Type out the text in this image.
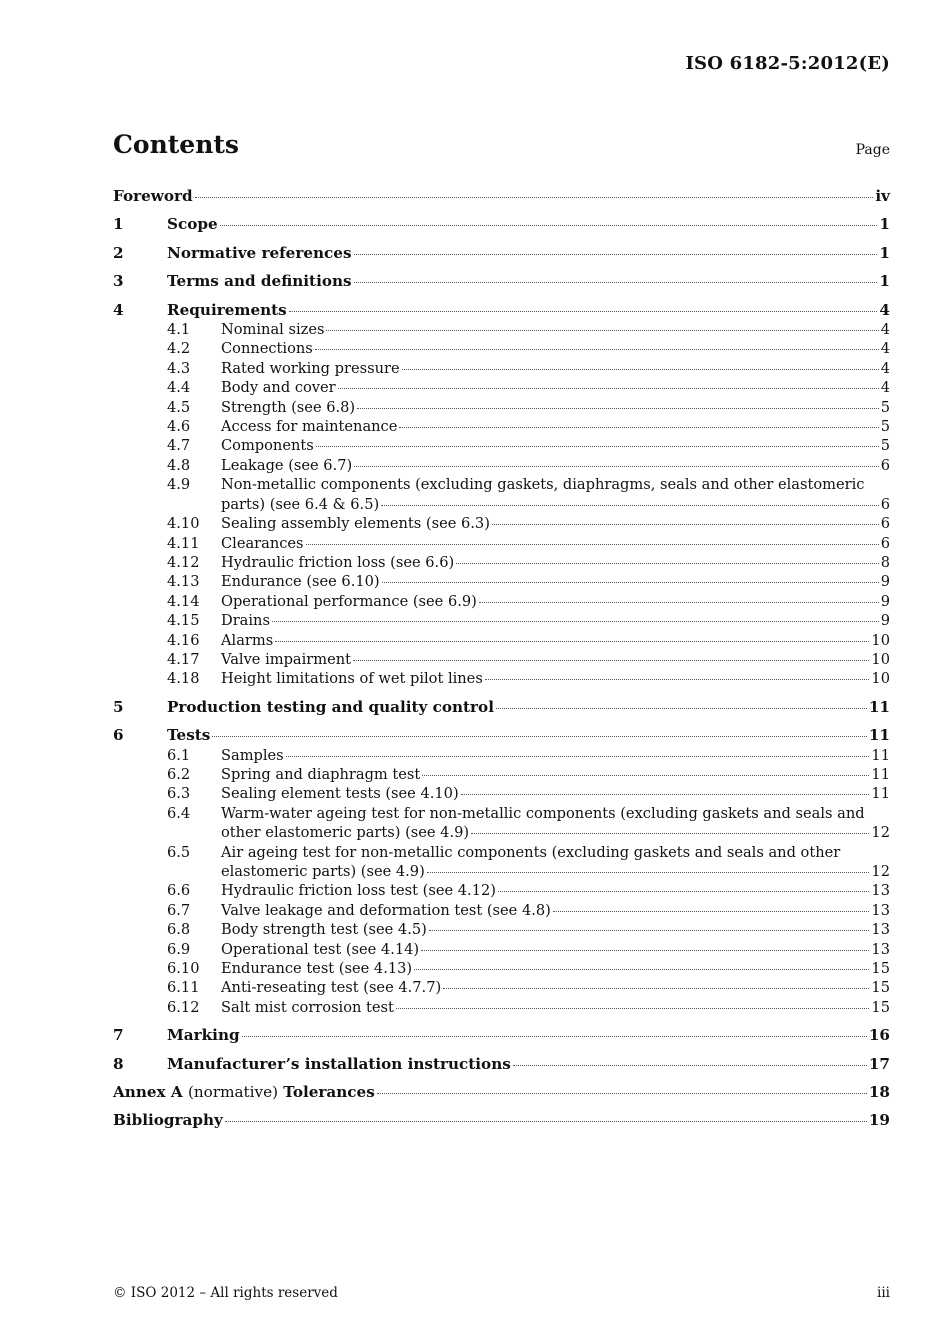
ISO 6182-5:2012(E)
Contents	Page
Foreword	iv
1	Scope	1
2	Normative references	1
3	Terms and definitions	1
4	Requirements	4
4.1	Nominal sizes	4
4.2	Connections	4
4.3	Rated working pressure	4
4.4	Body and cover	4
4.5	Strength (see 6.8)	5
4.6	Access for maintenance	5
4.7	Components	5
4.8	Leakage (see 6.7)	6
4.9	Non-metallic components (excluding gaskets, diaphragms, seals and other elastomeric
parts) (see 6.4 & 6.5)	6
4.10	Sealing assembly elements (see 6.3)	6
4.11	Clearances	6
4.12	Hydraulic friction loss (see 6.6)	8
4.13	Endurance (see 6.10)	9
4.14	Operational performance (see 6.9)	9
4.15	Drains	9
4.16	Alarms	10
4.17	Valve impairment	10
4.18	Height limitations of wet pilot lines	10
5	Production testing and quality control	11
6	Tests	11
6.1	Samples	11
6.2	Spring and diaphragm test	11
6.3	Sealing element tests (see 4.10)	11
6.4	Warm-water ageing test for non-metallic components (excluding gaskets and seals and
other elastomeric parts) (see 4.9)	12
6.5	Air ageing test for non-metallic components (excluding gaskets and seals and other
elastomeric parts) (see 4.9)	12
6.6	Hydraulic friction loss test (see 4.12)	13
6.7	Valve leakage and deformation test (see 4.8)	13
6.8	Body strength test (see 4.5)	13
6.9	Operational test (see 4.14)	13
6.10	Endurance test (see 4.13)	15
6.11	Anti-reseating test (see 4.7.7)	15
6.12	Salt mist corrosion test	15
7	Marking	16
8	Manufacturer’s installation instructions	17
Annex A (normative) Tolerances	18
Bibliography	19
© ISO 2012 – All rights reserved	iii
